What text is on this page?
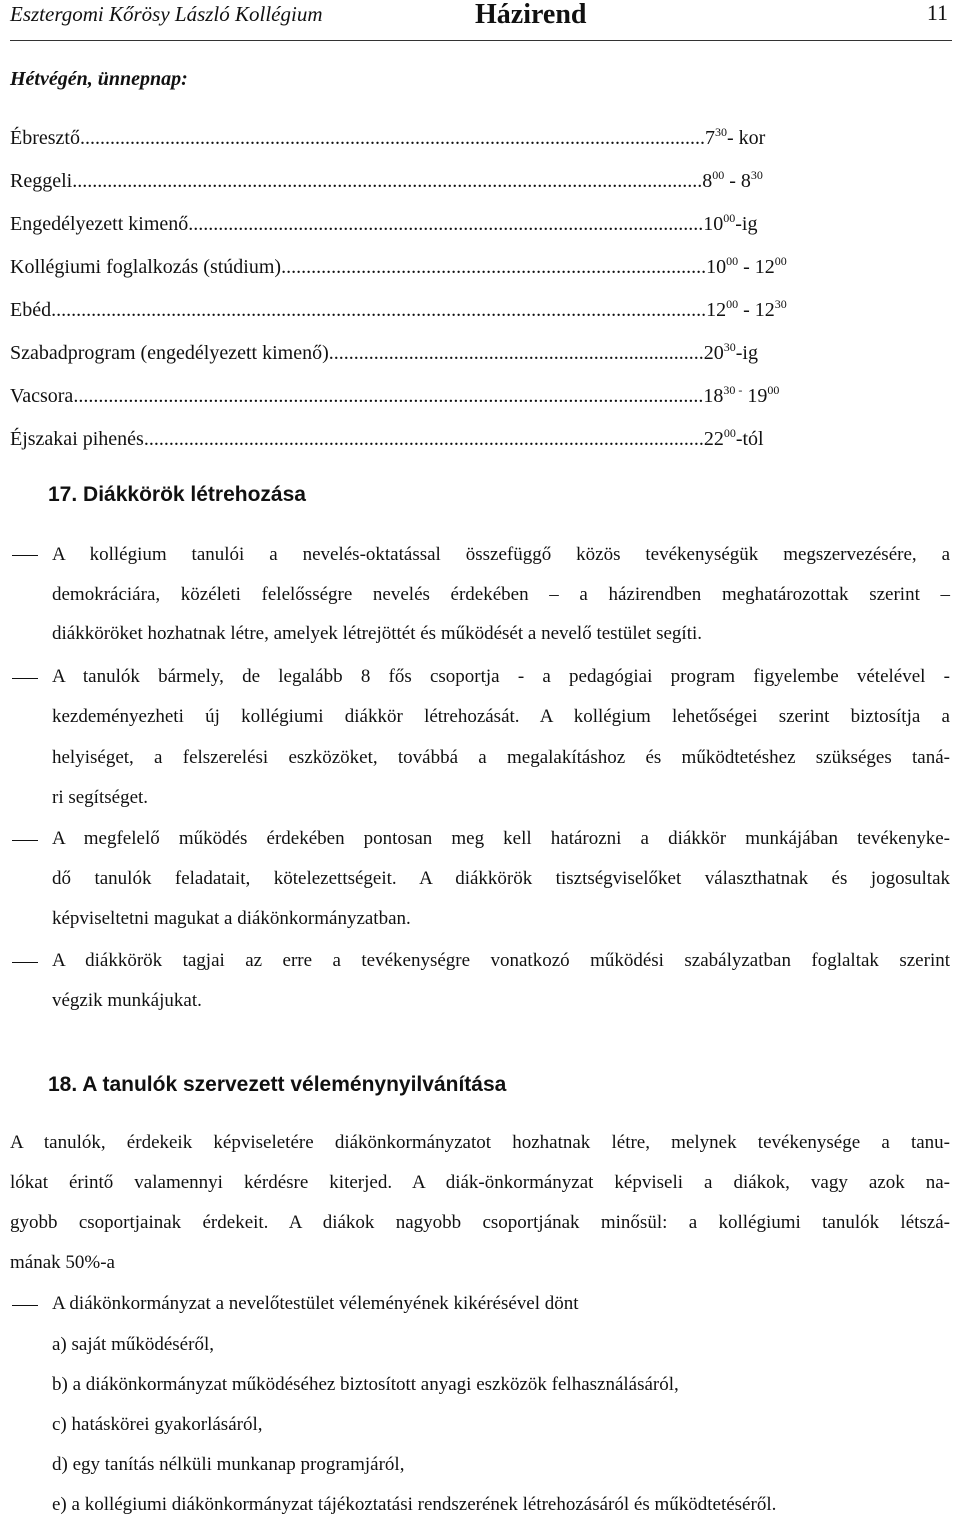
Esztergomi Kőrösy László Kollégium	Házirend	11
Hétvégén, ünnepnap:
Ébresztő.............................................................................................................................7$^{30}$- kor
Reggeli.................................................................................................................$.............8^{00} - 8^{30}$
Engedélyezett kimenő.......................................................................................................10$^{00}$-ig
Kollégiumi foglalkozás (stúdium).....................................................................................10$^{00}$ - $12^{00}$
Ebéd....................................................................................................................$...............12^{00} - 12^{30}$
Szabadprogram (engedélyezett kimenő)...........................................................................20$^{30}$-ig
Vacsora.................................................................................................................$.............18^{30 -}$ $19^{00}$
Éjszakai pihenés................................................................................................................2$2^{00}$-tól
17. Diákkörök létrehozása
A kollégium tanulói a nevelés-oktatással összefüggő közös tevékenységük megszervezésére, a
demokráciára, közéleti felelősségre nevelés érdekében – a házirendben meghatározottak szerint –
diákköröket hozhatnak létre, amelyek létrejöttét és működését a nevelő testület segíti.
A tanulók bármely, de legalább 8 fős csoportja - a pedagógiai program figyelembe vételével -
kezdeményezheti új kollégiumi diákkör létrehozását. A kollégium lehetőségei szerint biztosítja a
helyiséget, a felszerelési eszközöket, továbbá a megalakításhoz és működtetéshez szükséges taná-
ri segítséget.
A megfelelő működés érdekében pontosan meg kell határozni a diákkör munkájában tevékenyke-
dő tanulók feladatait, kötelezettségeit. A diákkörök tisztségviselőket választhatnak és jogosultak
képviseltetni magukat a diákönkormányzatban.
A diákkörök tagjai az erre a tevékenységre vonatkozó működési szabályzatban foglaltak szerint
végzik munkájukat.
18. A tanulók szervezett véleménynyilvánítása
A tanulók, érdekeik képviseletére diákönkormányzatot hozhatnak létre, melynek tevékenysége a tanu-
lókat érintő valamennyi kérdésre kiterjed. A diák-önkormányzat képviseli a diákok, vagy azok na-
gyobb csoportjainak érdekeit. A diákok nagyobb csoportjának minősül: a kollégiumi tanulók létszá-
mának 50%-a
A diákönkormányzat a nevelőtestület véleményének kikérésével dönt
a) saját működéséről,
b) a diákönkormányzat működéséhez biztosított anyagi eszközök felhasználásáról,
c) hatáskörei gyakorlásáról,
d) egy tanítás nélküli munkanap programjáról,
e) a kollégiumi diákönkormányzat tájékoztatási rendszerének létrehozásáról és működtetéséről.
